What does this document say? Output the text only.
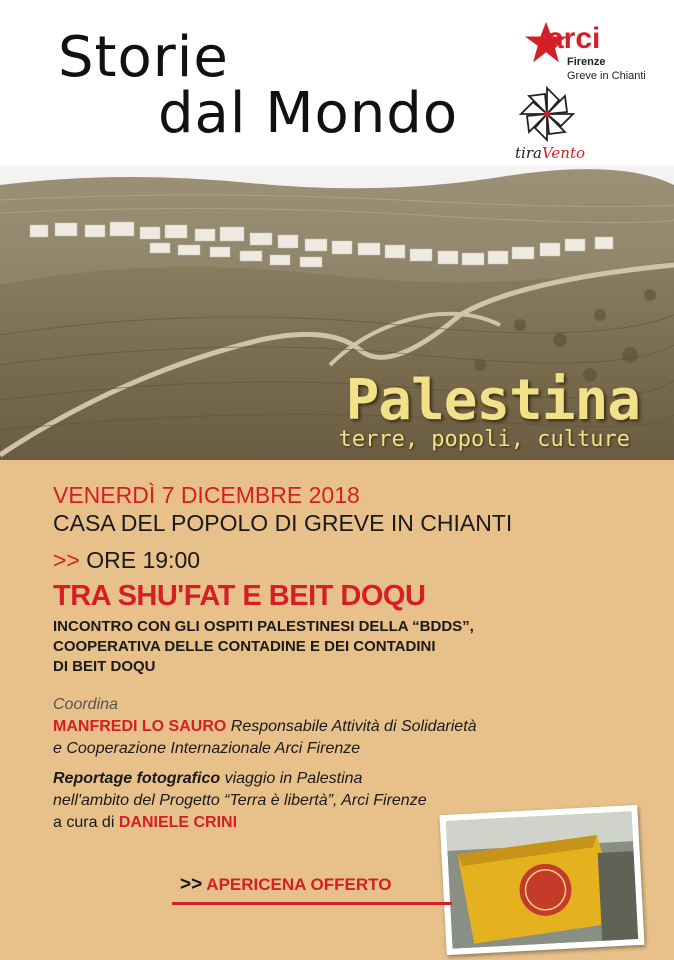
Storie
dal Mondo
arci
Firenze
Greve in Chianti
tiraVento
Palestina
terre, popoli, culture
VENERDÌ 7 DICEMBRE 2018
CASA DEL POPOLO DI GREVE IN CHIANTI
>> ORE 19:00
TRA SHU'FAT E BEIT DOQU
INCONTRO CON GLI OSPITI PALESTINESI DELLA “BDDS”,
COOPERATIVA DELLE CONTADINE E DEI CONTADINI
DI BEIT DOQU
Coordina
MANFREDI LO SAURO Responsabile Attività di Solidarietà
e Cooperazione Internazionale Arci Firenze
Reportage fotografico viaggio in Palestina
nell'ambito del Progetto “Terra è libertà”, Arci Firenze
a cura di DANIELE CRINI
>> APERICENA OFFERTO
